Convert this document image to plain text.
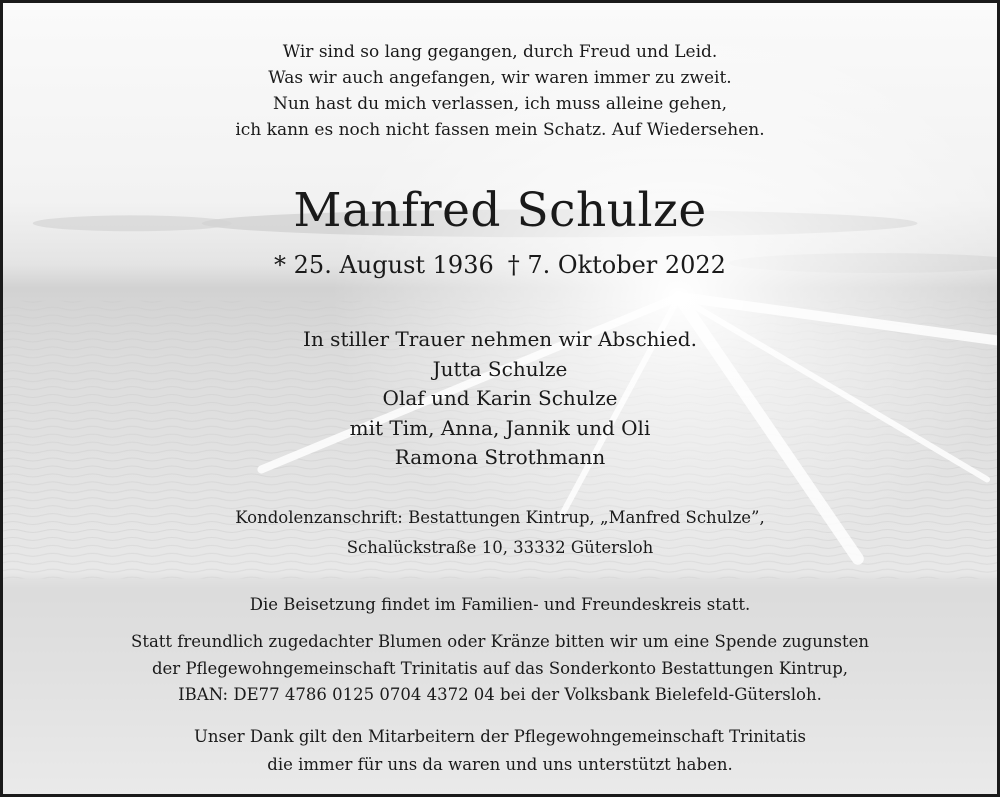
Wir sind so lang gegangen, durch Freud und Leid.
Was wir auch angefangen, wir waren immer zu zweit.
Nun hast du mich verlassen, ich muss alleine gehen,
ich kann es noch nicht fassen mein Schatz. Auf Wiedersehen.
Manfred Schulze
* 25. August 1936 † 7. Oktober 2022
In stiller Trauer nehmen wir Abschied.
Jutta Schulze
Olaf und Karin Schulze
mit Tim, Anna, Jannik und Oli
Ramona Strothmann
Kondolenzanschrift: Bestattungen Kintrup, „Manfred Schulze”,
Schalückstraße 10, 33332 Gütersloh
Die Beisetzung findet im Familien- und Freundeskreis statt.
Statt freundlich zugedachter Blumen oder Kränze bitten wir um eine Spende zugunsten
der Pflegewohngemeinschaft Trinitatis auf das Sonderkonto Bestattungen Kintrup,
IBAN: DE77 4786 0125 0704 4372 04 bei der Volksbank Bielefeld-Gütersloh.
Unser Dank gilt den Mitarbeitern der Pflegewohngemeinschaft Trinitatis
die immer für uns da waren und uns unterstützt haben.
